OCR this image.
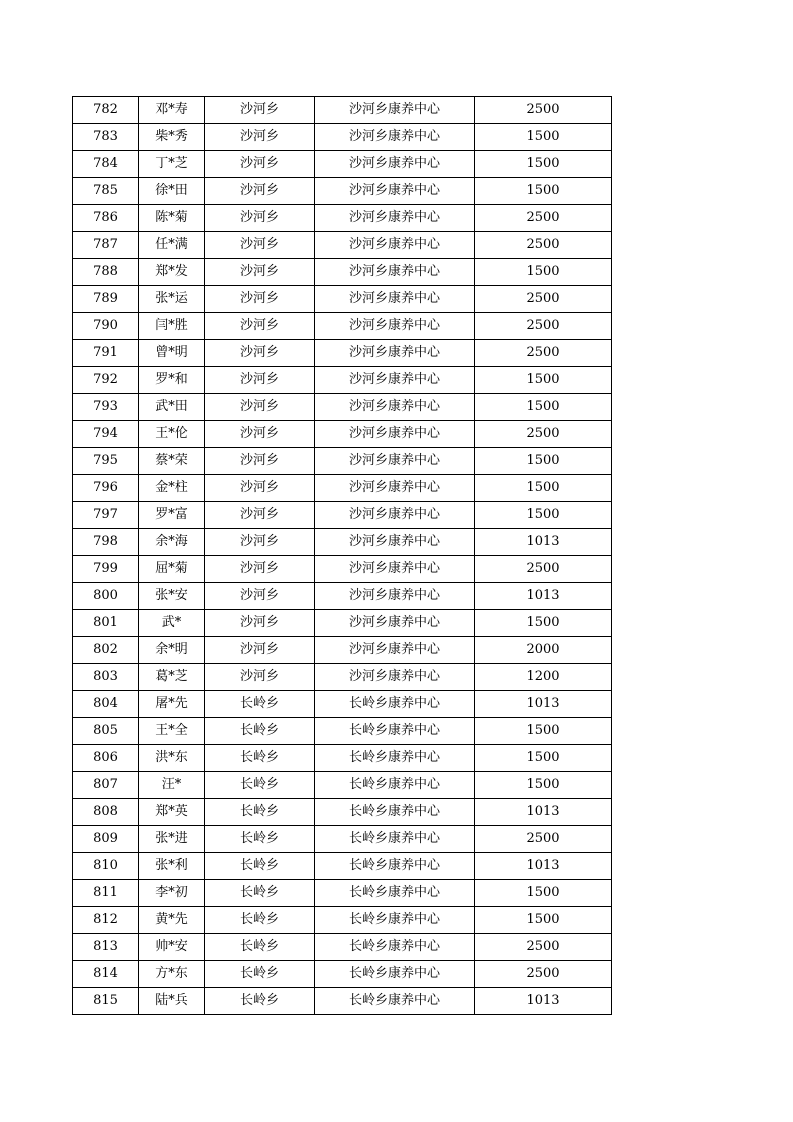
782	邓*寿	沙河乡	沙河乡康养中心	2500
783	柴*秀	沙河乡	沙河乡康养中心	1500
784	丁*芝	沙河乡	沙河乡康养中心	1500
785	徐*田	沙河乡	沙河乡康养中心	1500
786	陈*菊	沙河乡	沙河乡康养中心	2500
787	任*满	沙河乡	沙河乡康养中心	2500
788	郑*发	沙河乡	沙河乡康养中心	1500
789	张*运	沙河乡	沙河乡康养中心	2500
790	闫*胜	沙河乡	沙河乡康养中心	2500
791	曾*明	沙河乡	沙河乡康养中心	2500
792	罗*和	沙河乡	沙河乡康养中心	1500
793	武*田	沙河乡	沙河乡康养中心	1500
794	王*伦	沙河乡	沙河乡康养中心	2500
795	蔡*荣	沙河乡	沙河乡康养中心	1500
796	金*柱	沙河乡	沙河乡康养中心	1500
797	罗*富	沙河乡	沙河乡康养中心	1500
798	余*海	沙河乡	沙河乡康养中心	1013
799	屈*菊	沙河乡	沙河乡康养中心	2500
800	张*安	沙河乡	沙河乡康养中心	1013
801	武*	沙河乡	沙河乡康养中心	1500
802	余*明	沙河乡	沙河乡康养中心	2000
803	葛*芝	沙河乡	沙河乡康养中心	1200
804	屠*先	长岭乡	长岭乡康养中心	1013
805	王*全	长岭乡	长岭乡康养中心	1500
806	洪*东	长岭乡	长岭乡康养中心	1500
807	汪*	长岭乡	长岭乡康养中心	1500
808	郑*英	长岭乡	长岭乡康养中心	1013
809	张*进	长岭乡	长岭乡康养中心	2500
810	张*利	长岭乡	长岭乡康养中心	1013
811	李*初	长岭乡	长岭乡康养中心	1500
812	黄*先	长岭乡	长岭乡康养中心	1500
813	帅*安	长岭乡	长岭乡康养中心	2500
814	方*东	长岭乡	长岭乡康养中心	2500
815	陆*兵	长岭乡	长岭乡康养中心	1013
